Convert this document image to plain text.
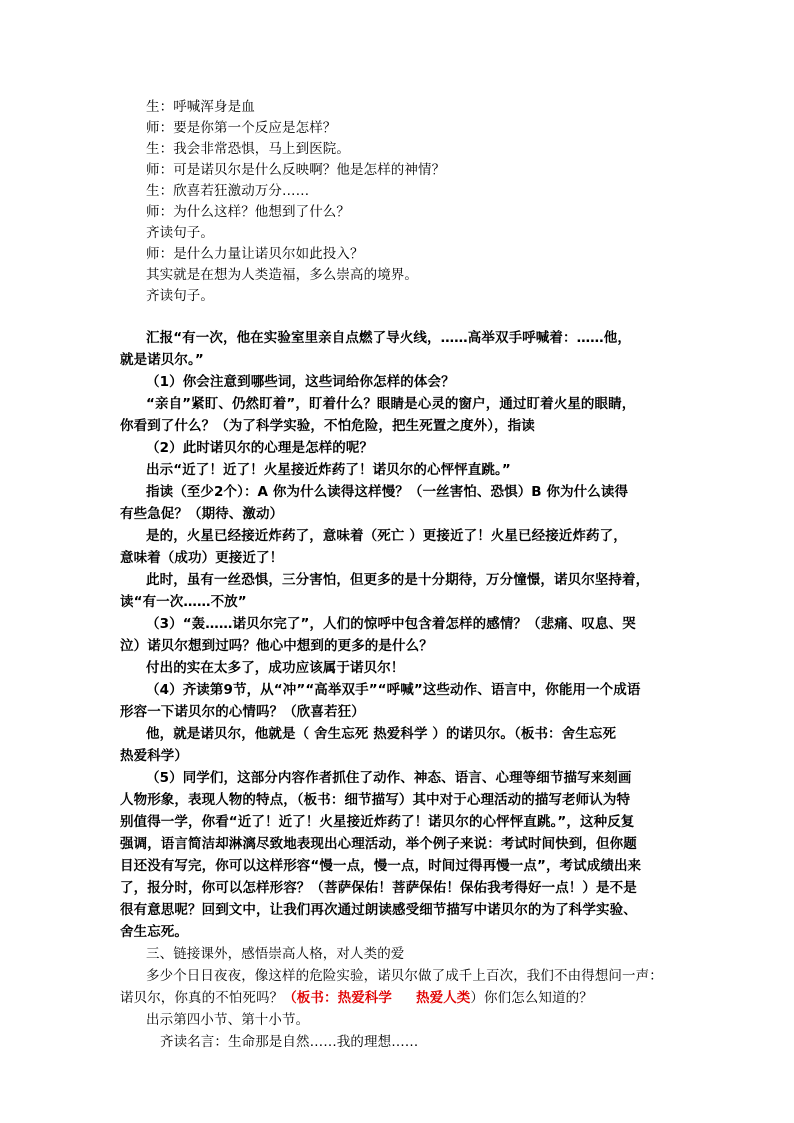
生：呼喊浑身是血
师：要是你第一个反应是怎样？
生：我会非常恐惧，马上到医院。
师：可是诺贝尔是什么反映啊？他是怎样的神情？
生：欣喜若狂激动万分……
师：为什么这样？他想到了什么？
齐读句子。
师：是什么力量让诺贝尔如此投入？
其实就是在想为人类造福，多么崇高的境界。
齐读句子。
汇报“有一次，他在实验室里亲自点燃了导火线，……高举双手呼喊着：……他，
就是诺贝尔。”
（1）你会注意到哪些词，这些词给你怎样的体会？
“亲自”紧盯、仍然盯着”，盯着什么？眼睛是心灵的窗户，通过盯着火星的眼睛，
你看到了什么？（为了科学实验，不怕危险，把生死置之度外），指读
（2）此时诺贝尔的心理是怎样的呢？
出示“近了！近了！火星接近炸药了！诺贝尔的心怦怦直跳。”
指读（至少2个）：A 你为什么读得这样慢？（一丝害怕、恐惧）B 你为什么读得
有些急促？（期待、激动）
是的，火星已经接近炸药了，意味着（死亡 ）更接近了！火星已经接近炸药了，
意味着（成功）更接近了！
此时，虽有一丝恐惧，三分害怕，但更多的是十分期待，万分憧憬，诺贝尔坚持着，
读“有一次……不放”
（3）“轰……诺贝尔完了”，人们的惊呼中包含着怎样的感情？（悲痛、叹息、哭
泣）诺贝尔想到过吗？他心中想到的更多的是什么？
付出的实在太多了，成功应该属于诺贝尔！
（4）齐读第9节，从“冲”“高举双手”“呼喊”这些动作、语言中，你能用一个成语
形容一下诺贝尔的心情吗？（欣喜若狂）
他，就是诺贝尔，他就是（ 舍生忘死 热爱科学 ）的诺贝尔。（板书：舍生忘死
热爱科学）
（5）同学们，这部分内容作者抓住了动作、神态、语言、心理等细节描写来刻画
人物形象，表现人物的特点，（板书：细节描写）其中对于心理活动的描写老师认为特
别值得一学，你看“近了！近了！火星接近炸药了！诺贝尔的心怦怦直跳。”，这种反复
强调，语言简洁却淋漓尽致地表现出心理活动，举个例子来说：考试时间快到，但你题
目还没有写完，你可以这样形容“慢一点，慢一点，时间过得再慢一点”，考试成绩出来
了，报分时，你可以怎样形容？（菩萨保佑！菩萨保佑！保佑我考得好一点！）是不是
很有意思呢？回到文中，让我们再次通过朗读感受细节描写中诺贝尔的为了科学实验、
舍生忘死。
三、链接课外，感悟崇高人格，对人类的爱
多少个日日夜夜，像这样的危险实验，诺贝尔做了成千上百次，我们不由得想问一声：
诺贝尔，你真的不怕死吗？（板书：热爱科学     热爱人类）你们怎么知道的？
出示第四小节、第十小节。
齐读名言：生命那是自然……我的理想……
